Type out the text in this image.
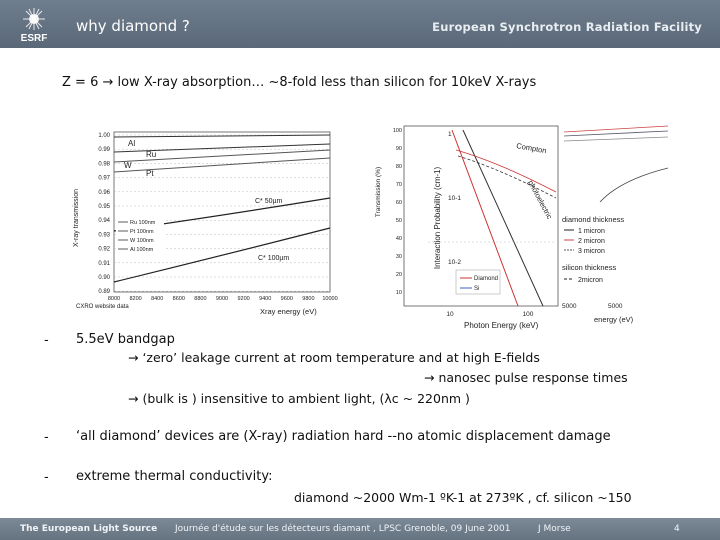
ESRF
why diamond ?	European Synchrotron Radiation Facility
Z = 6 → low X-ray absorption… ~8-fold less than silicon for 10keV X-rays
1.00
0.99
0.98
0.97
0.96
0.95
0.94
0.93
0.92
0.91
0.90
0.89
Al
Ru
W
Pt
C* 50µm
C* 100µm
Ru 100nm
Pt 100nm
W 100nm
Al 100nm
8000 8200 8400 8600 8800 9000 9200 9400 9600 9800 10000
CXRO website data	Xray energy (eV)
X-ray transmission
100
90
80
70
60
50
40
30
20
10
1
10-1
10-2
Compton
photoelectric
Diamond
Si
10	100
Photon Energy (keV)
Transmission (%)	Interaction Probability (cm-1)	diamond thickness
1 micron
2 micron
3 micron
silicon thickness
2micron
5000	5000
energy (eV)
- 5.5eV bandgap
→ ‘zero’ leakage current at room temperature and at high E-fields
→ nanosec pulse response times
→ (bulk is ) insensitive to ambient light, (λc ~ 220nm )
- ‘all diamond’ devices are (X-ray) radiation hard --no atomic displacement damage
- extreme thermal conductivity:
diamond ~2000 Wm-1 ºK-1 at 273ºK , cf. silicon ~150
The European Light Source Journée d'étude sur les détecteurs diamant , LPSC Grenoble, 09 June 2001	J Morse	4
